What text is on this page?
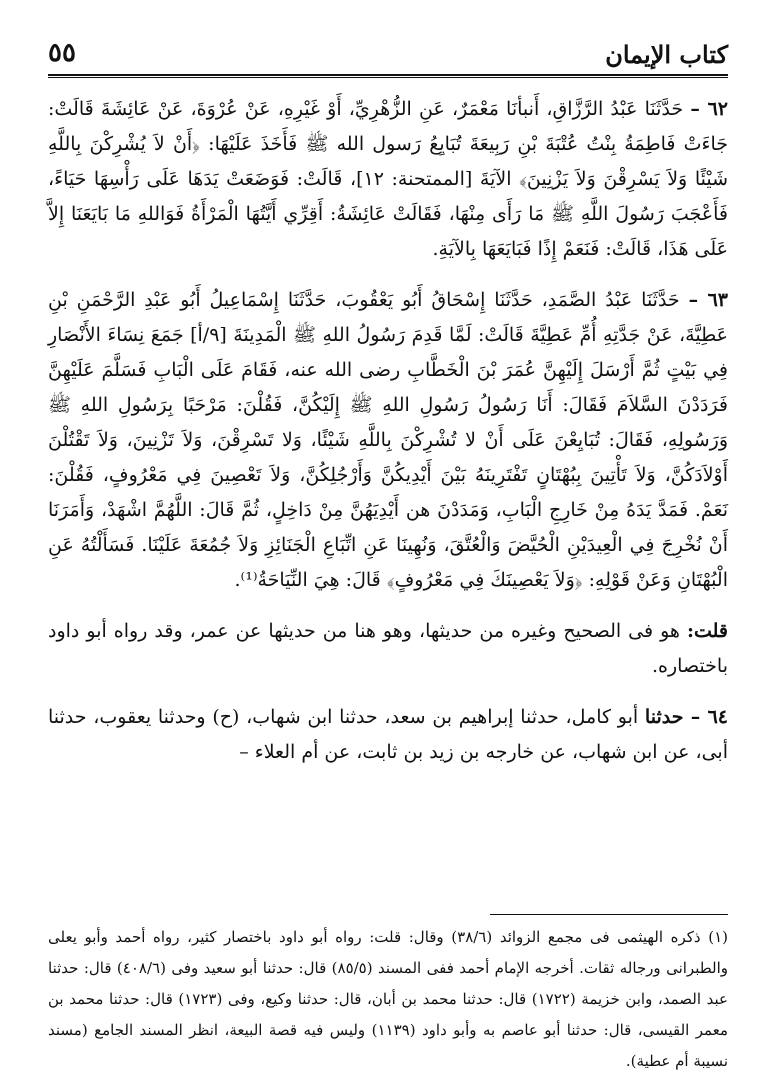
كتاب الإيمان
٥٥

٦٢ – حَدَّثَنَا عَبْدُ الرَّزَّاقِ، أَنبأنَا مَعْمَرٌ، عَنِ الزُّهْرِيِّ، أَوْ غَيْرِهِ، عَنْ عُرْوَةَ، عَنْ عَائِشَةَ قَالَتْ: جَاءَتْ فَاطِمَةُ بِنْتُ عُتْبَةَ بْنِ رَبِيعَةَ تُبَايِعُ رَسول الله ﷺ فَأَخَذَ عَلَيْهَا: ﴿أَنْ لاَ يُشْرِكْنَ بِاللَّهِ شَيْئًا وَلاَ يَسْرِقْنَ وَلاَ يَزْنِينَ﴾ الآيَةَ [الممتحنة: ١٢]، قَالَتْ: فَوَضَعَتْ يَدَهَا عَلَى رَأْسِهَا حَيَاءً، فَأَعْجَبَ رَسُولَ اللَّهِ ﷺ مَا رَأَى مِنْهَا، فَقَالَتْ عَائِشَةُ: أَقِرِّي أَيَّتُهَا الْمَرْأَةُ فَوَاللهِ مَا بَايَعَنَا إِلاَّ عَلَى هَذَا، قَالَتْ: فَنَعَمْ إِذًا فَبَايَعَهَا بِالآيَةِ.

٦٣ – حَدَّثَنَا عَبْدُ الصَّمَدِ، حَدَّثَنَا إِسْحَاقُ أَبُو يَعْقُوبَ، حَدَّثَنَا إِسْمَاعِيلُ أَبُو عَبْدِ الرَّحْمَنِ بْنِ عَطِيَّةَ، عَنْ جَدَّتِهِ أُمِّ عَطِيَّةَ قَالَتْ: لَمَّا قَدِمَ رَسُولُ اللهِ ﷺ الْمَدِينَةَ [٩/أ] جَمَعَ نِسَاءَ الأَنْصَارِ فِي بَيْتٍ ثُمَّ أَرْسَلَ إِلَيْهِنَّ عُمَرَ بْنَ الْخَطَّابِ رضى الله عنه، فَقَامَ عَلَى الْبَابِ فَسَلَّمَ عَلَيْهِنَّ فَرَدَدْنَ السَّلاَمَ فَقَالَ: أَنَا رَسُولُ رَسُولِ اللهِ ﷺ إِلَيْكُنَّ، فَقُلْنَ: مَرْحَبًا بِرَسُولِ اللهِ ﷺ وَرَسُولِهِ، فَقَالَ: تُبَايِعْنَ عَلَى أَنْ لا تُشْرِكْنَ بِاللَّهِ شَيْئًا، وَلا تَسْرِقْنَ، وَلاَ تَزْنِينَ، وَلاَ تَقْتُلْنَ أَوْلاَدَكُنَّ، وَلاَ تَأْتِينَ بِبُهْتَانٍ تَفْتَرِينَهُ بَيْنَ أَيْدِيكُنَّ وَأَرْجُلِكُنَّ، وَلاَ تَعْصِينَ فِي مَعْرُوفٍ، فَقُلْنَ: نَعَمْ. فَمَدَّ يَدَهُ مِنْ خَارِجِ الْبَابِ، وَمَدَدْنَ هن أَيْدِيَهُنَّ مِنْ دَاخِلٍ، ثُمَّ قَالَ: اللَّهُمَّ اشْهَدْ، وَأَمَرَنَا أَنْ نُخْرِجَ فِي الْعِيدَيْنِ الْحُيَّضَ وَالْعُتَّقَ، وَنُهِينَا عَنِ اتِّبَاعِ الْجَنَائِزِ وَلاَ جُمُعَةَ عَلَيْنَا. فَسَأَلْتُهُ عَنِ الْبُهْتَانِ وَعَنْ قَوْلِهِ: ﴿وَلاَ يَعْصِينَكَ فِي مَعْرُوفٍ﴾ قَالَ: هِيَ النِّيَاحَةُ⁽¹⁾.

قلت: هو فى الصحيح وغيره من حديثها، وهو هنا من حديثها عن عمر، وقد رواه أبو داود باختصاره.

٦٤ – حدثنا أبو كامل، حدثنا إبراهيم بن سعد، حدثنا ابن شهاب، (ح) وحدثنا يعقوب، حدثنا أبى، عن ابن شهاب، عن خارجه بن زيد بن ثابت، عن أم العلاء –

(١) ذكره الهيثمى فى مجمع الزوائد (٣٨/٦) وقال: قلت: رواه أبو داود باختصار كثير، رواه أحمد وأبو يعلى والطبرانى ورجاله ثقات. أخرجه الإمام أحمد ففى المسند (٨٥/٥) قال: حدثنا أبو سعيد وفى (٤٠٨/٦) قال: حدثنا عبد الصمد، وابن خزيمة (١٧٢٢) قال: حدثنا محمد بن أبان، قال: حدثنا وكيع، وفى (١٧٢٣) قال: حدثنا محمد بن معمر القيسى، قال: حدثنا أبو عاصم به وأبو داود (١١٣٩) وليس فيه قصة البيعة، انظر المسند الجامع (مسند نسيبة أم عطية).
